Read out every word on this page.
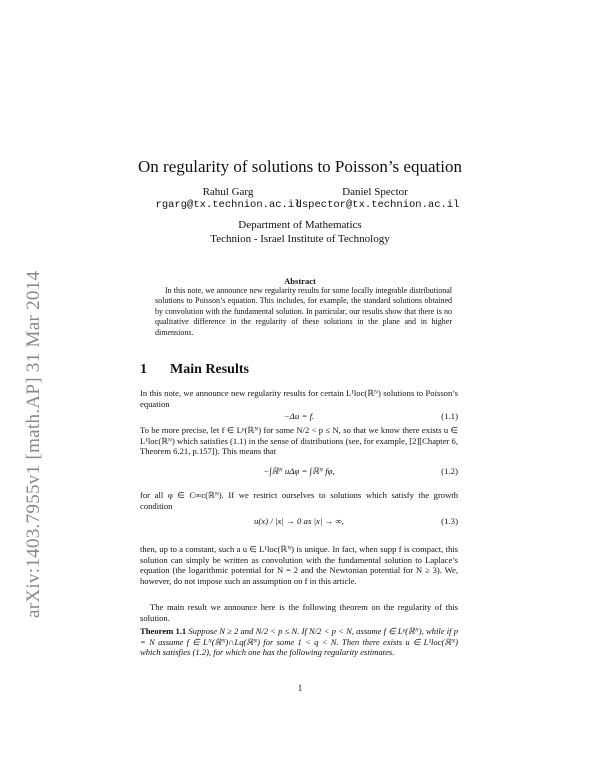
arXiv:1403.7955v1 [math.AP] 31 Mar 2014
On regularity of solutions to Poisson’s equation
Rahul Garg
rgarg@tx.technion.ac.il
Daniel Spector
dspector@tx.technion.ac.il
Department of Mathematics
Technion - Israel Institute of Technology
Abstract
In this note, we announce new regularity results for some locally integrable distributional solutions to Poisson’s equation. This includes, for example, the standard solutions obtained by convolution with the fundamental solution. In particular, our results show that there is no qualitative difference in the regularity of these solutions in the plane and in higher dimensions.
1 Main Results
In this note, we announce new regularity results for certain L¹loc(ℝᴺ) solutions to Poisson’s equation
−Δu = f.	(1.1)
To be more precise, let f ∈ Lᵖ(ℝᴺ) for some N/2 < p ≤ N, so that we know there exists u ∈ L¹loc(ℝᴺ) which satisfies (1.1) in the sense of distributions (see, for example, [2][Chapter 6, Theorem 6.21, p.157]). This means that
−∫ℝᴺ uΔφ = ∫ℝᴺ fφ,	(1.2)
for all φ ∈ C∞c(ℝᴺ). If we restrict ourselves to solutions which satisfy the growth condition
u(x) / |x| → 0 as |x| → ∞,	(1.3)
then, up to a constant, such a u ∈ L¹loc(ℝᴺ) is unique. In fact, when supp f is compact, this solution can simply be written as convolution with the fundamental solution to Laplace’s equation (the logarithmic potential for N = 2 and the Newtonian potential for N ≥ 3). We, however, do not impose such an assumption on f in this article.
The main result we announce here is the following theorem on the regularity of this solution.
Theorem 1.1 Suppose N ≥ 2 and N/2 < p ≤ N. If N/2 < p < N, assume f ∈ Lᵖ(ℝᴺ), while if p = N assume f ∈ Lᴺ(ℝᴺ)∩Lq(ℝᴺ) for some 1 < q < N. Then there exists u ∈ L¹loc(ℝᴺ) which satisfies (1.2), for which one has the following regularity estimates.
1
